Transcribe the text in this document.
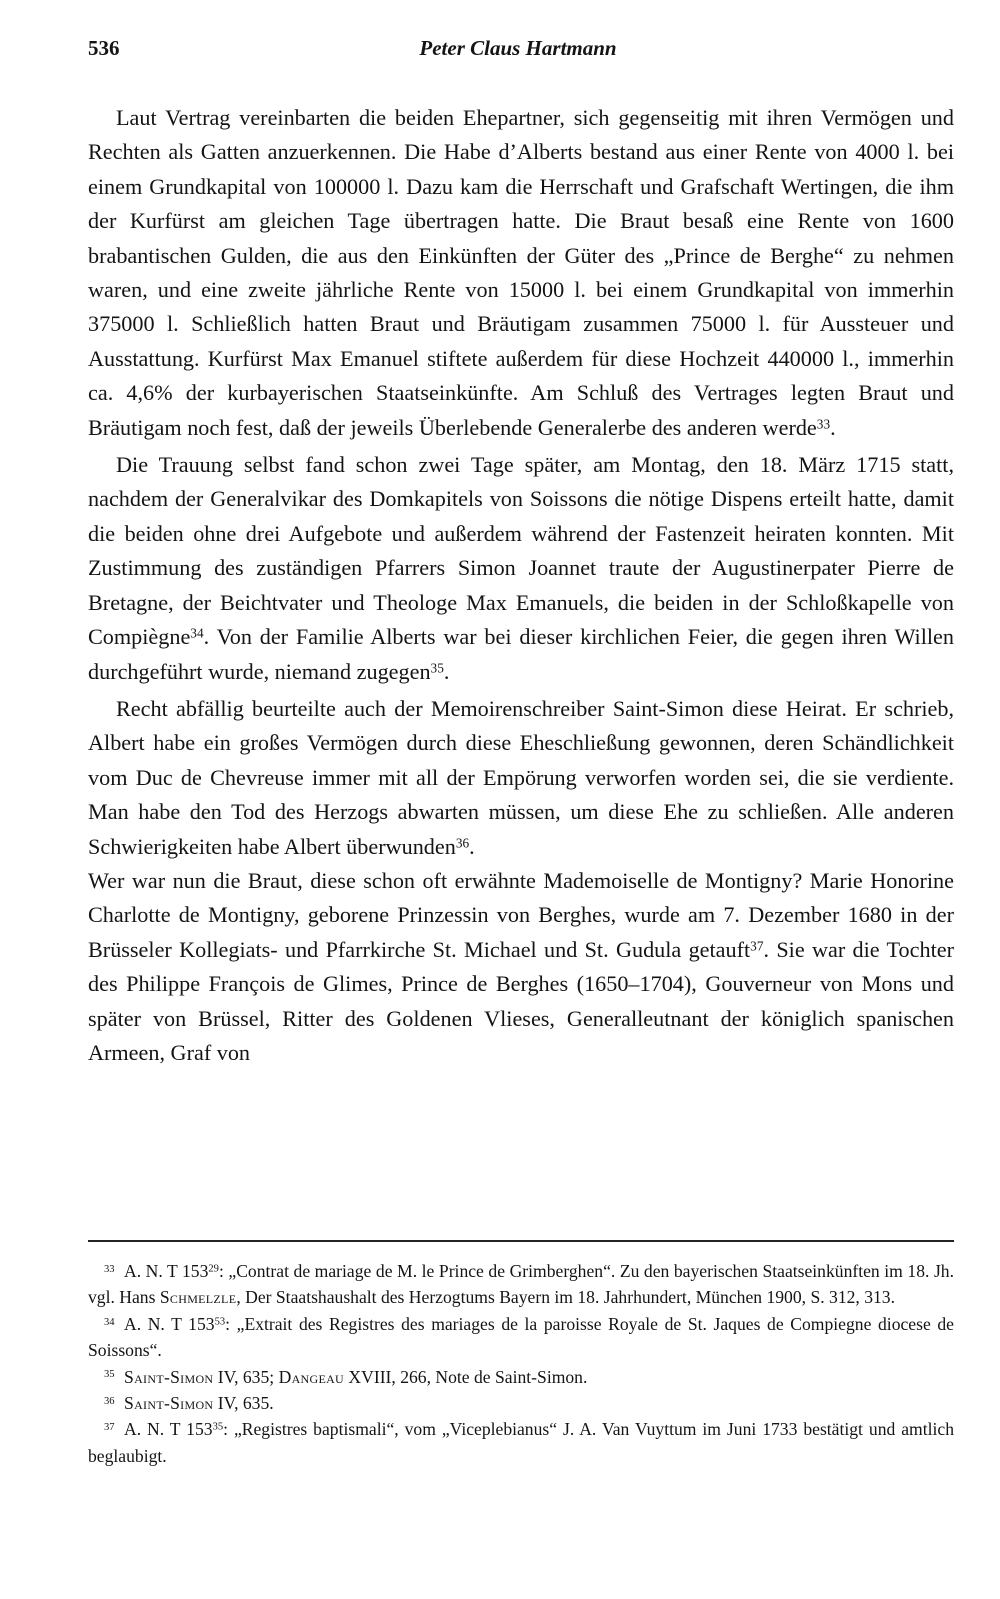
536	Peter Claus Hartmann

Laut Vertrag vereinbarten die beiden Ehepartner, sich gegenseitig mit ihren Vermögen und Rechten als Gatten anzuerkennen. Die Habe d’Alberts bestand aus einer Rente von 4000 l. bei einem Grundkapital von 100000 l. Dazu kam die Herrschaft und Grafschaft Wertingen, die ihm der Kurfürst am gleichen Tage übertragen hatte. Die Braut besaß eine Rente von 1600 brabantischen Gulden, die aus den Einkünften der Güter des „Prince de Berghe“ zu nehmen waren, und eine zweite jährliche Rente von 15000 l. bei einem Grundkapital von immerhin 375000 l. Schließlich hatten Braut und Bräutigam zusammen 75000 l. für Aussteuer und Ausstattung. Kurfürst Max Emanuel stiftete außerdem für diese Hochzeit 440000 l., immerhin ca. 4,6% der kurbayerischen Staatseinkünfte. Am Schluß des Vertrages legten Braut und Bräutigam noch fest, daß der jeweils Überlebende Generalerbe des anderen werde$^{33}$.

Die Trauung selbst fand schon zwei Tage später, am Montag, den 18. März 1715 statt, nachdem der Generalvikar des Domkapitels von Soissons die nötige Dispens erteilt hatte, damit die beiden ohne drei Aufgebote und außerdem während der Fastenzeit heiraten konnten. Mit Zustimmung des zuständigen Pfarrers Simon Joannet traute der Augustinerpater Pierre de Bretagne, der Beichtvater und Theologe Max Emanuels, die beiden in der Schloßkapelle von Compiègne$^{34}$. Von der Familie Alberts war bei dieser kirchlichen Feier, die gegen ihren Willen durchgeführt wurde, niemand zugegen$^{35}$.

Recht abfällig beurteilte auch der Memoirenschreiber Saint-Simon diese Heirat. Er schrieb, Albert habe ein großes Vermögen durch diese Eheschließung gewonnen, deren Schändlichkeit vom Duc de Chevreuse immer mit all der Empörung verworfen worden sei, die sie verdiente. Man habe den Tod des Herzogs abwarten müssen, um diese Ehe zu schließen. Alle anderen Schwierigkeiten habe Albert überwunden$^{36}$.

Wer war nun die Braut, diese schon oft erwähnte Mademoiselle de Montigny? Marie Honorine Charlotte de Montigny, geborene Prinzessin von Berghes, wurde am 7. Dezember 1680 in der Brüsseler Kollegiats- und Pfarrkirche St. Michael und St. Gudula getauft$^{37}$. Sie war die Tochter des Philippe François de Glimes, Prince de Berghes (1650–1704), Gouverneur von Mons und später von Brüssel, Ritter des Goldenen Vlieses, Generalleutnant der königlich spanischen Armeen, Graf von

$^{33}$ A. N. T $153^{29}$: „Contrat de mariage de M. le Prince de Grimberghen“. Zu den bayerischen Staatseinkünften im 18. Jh. vgl. Hans Schmelzle, Der Staatshaushalt des Herzogtums Bayern im 18. Jahrhundert, München 1900, S. 312, 313.

$^{34}$ A. N. T $153^{53}$: „Extrait des Registres des mariages de la paroisse Royale de St. Jaques de Compiegne diocese de Soissons“.

$^{35}$ Saint-Simon IV, 635; Dangeau XVIII, 266, Note de Saint-Simon.

$^{36}$ Saint-Simon IV, 635.

$^{37}$ A. N. T $153^{35}$: „Registres baptismali“, vom „Viceplebianus“ J. A. Van Vuyttum im Juni 1733 bestätigt und amtlich beglaubigt.
